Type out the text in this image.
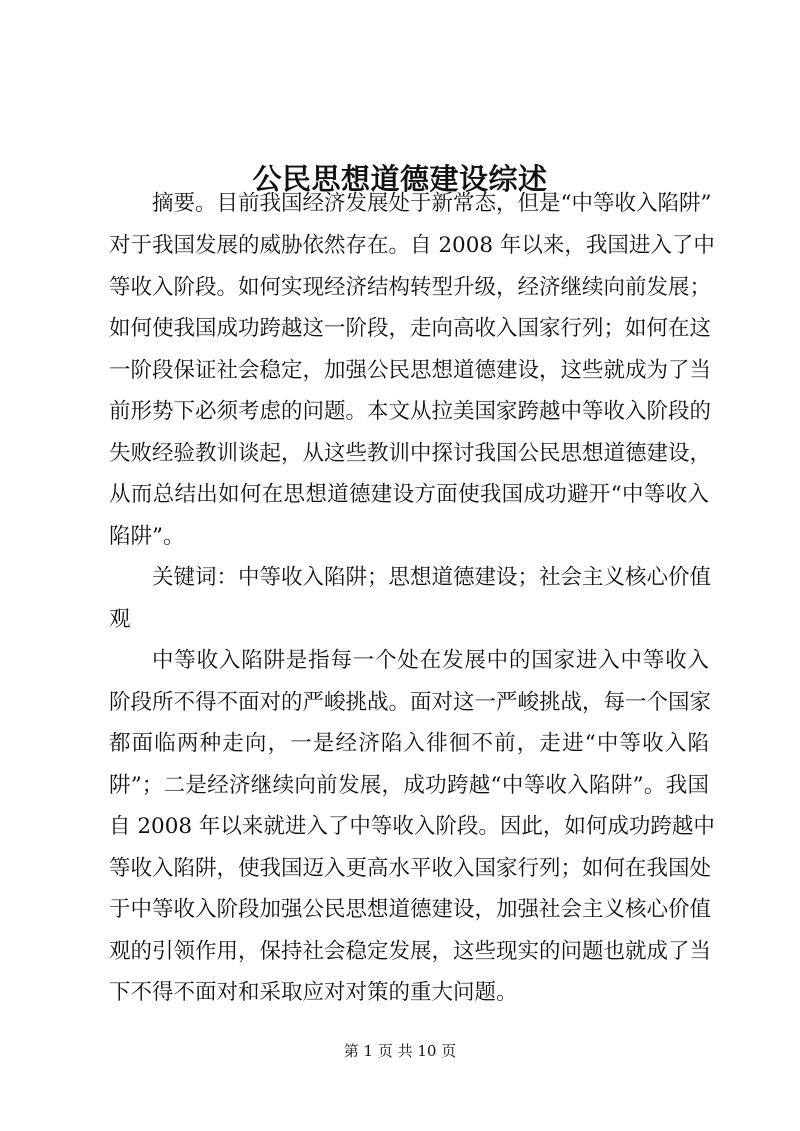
公民思想道德建设综述

摘要。目前我国经济发展处于新常态，但是“中等收入陷阱”

对于我国发展的威胁依然存在。自 2008 年以来，我国进入了中

等收入阶段。如何实现经济结构转型升级，经济继续向前发展；

如何使我国成功跨越这一阶段，走向高收入国家行列；如何在这

一阶段保证社会稳定，加强公民思想道德建设，这些就成为了当

前形势下必须考虑的问题。本文从拉美国家跨越中等收入阶段的

失败经验教训谈起，从这些教训中探讨我国公民思想道德建设，

从而总结出如何在思想道德建设方面使我国成功避开“中等收入

陷阱”。

关键词：中等收入陷阱；思想道德建设；社会主义核心价值

观

中等收入陷阱是指每一个处在发展中的国家进入中等收入

阶段所不得不面对的严峻挑战。面对这一严峻挑战，每一个国家

都面临两种走向，一是经济陷入徘徊不前，走进“中等收入陷

阱”；二是经济继续向前发展，成功跨越“中等收入陷阱”。我国

自 2008 年以来就进入了中等收入阶段。因此，如何成功跨越中

等收入陷阱，使我国迈入更高水平收入国家行列；如何在我国处

于中等收入阶段加强公民思想道德建设，加强社会主义核心价值

观的引领作用，保持社会稳定发展，这些现实的问题也就成了当

下不得不面对和采取应对对策的重大问题。

第 1 页 共 10 页
